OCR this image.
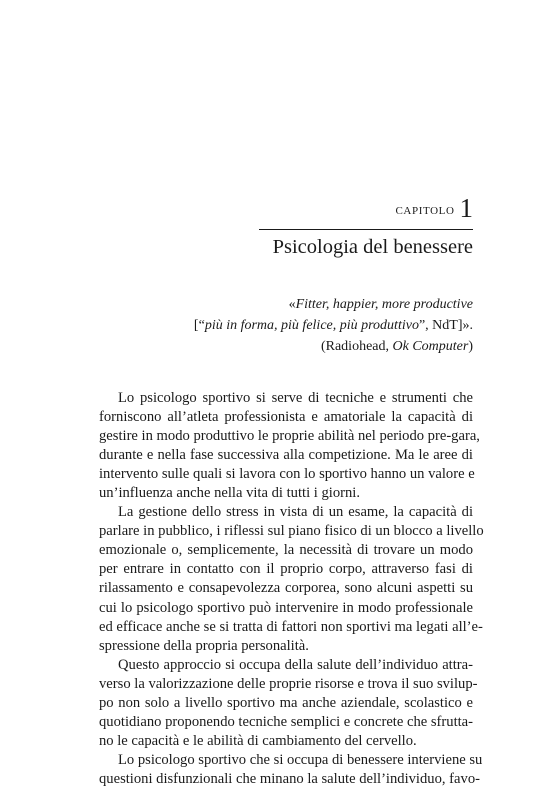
CAPITOLO 1
Psicologia del benessere
«Fitter, happier, more productive
[“più in forma, più felice, più produttivo”, NdT]».
(Radiohead, Ok Computer)

Lo psicologo sportivo si serve di tecniche e strumenti che
forniscono all’atleta professionista e amatoriale la capacità di
gestire in modo produttivo le proprie abilità nel periodo pre-gara,
durante e nella fase successiva alla competizione. Ma le aree di
intervento sulle quali si lavora con lo sportivo hanno un valore e
un’influenza anche nella vita di tutti i giorni.

La gestione dello stress in vista di un esame, la capacità di
parlare in pubblico, i riflessi sul piano fisico di un blocco a livello
emozionale o, semplicemente, la necessità di trovare un modo
per entrare in contatto con il proprio corpo, attraverso fasi di
rilassamento e consapevolezza corporea, sono alcuni aspetti su
cui lo psicologo sportivo può intervenire in modo professionale
ed efficace anche se si tratta di fattori non sportivi ma legati all’e-
spressione della propria personalità.

Questo approccio si occupa della salute dell’individuo attra-
verso la valorizzazione delle proprie risorse e trova il suo svilup-
po non solo a livello sportivo ma anche aziendale, scolastico e
quotidiano proponendo tecniche semplici e concrete che sfrutta-
no le capacità e le abilità di cambiamento del cervello.

Lo psicologo sportivo che si occupa di benessere interviene su
questioni disfunzionali che minano la salute dell’individuo, favo-
